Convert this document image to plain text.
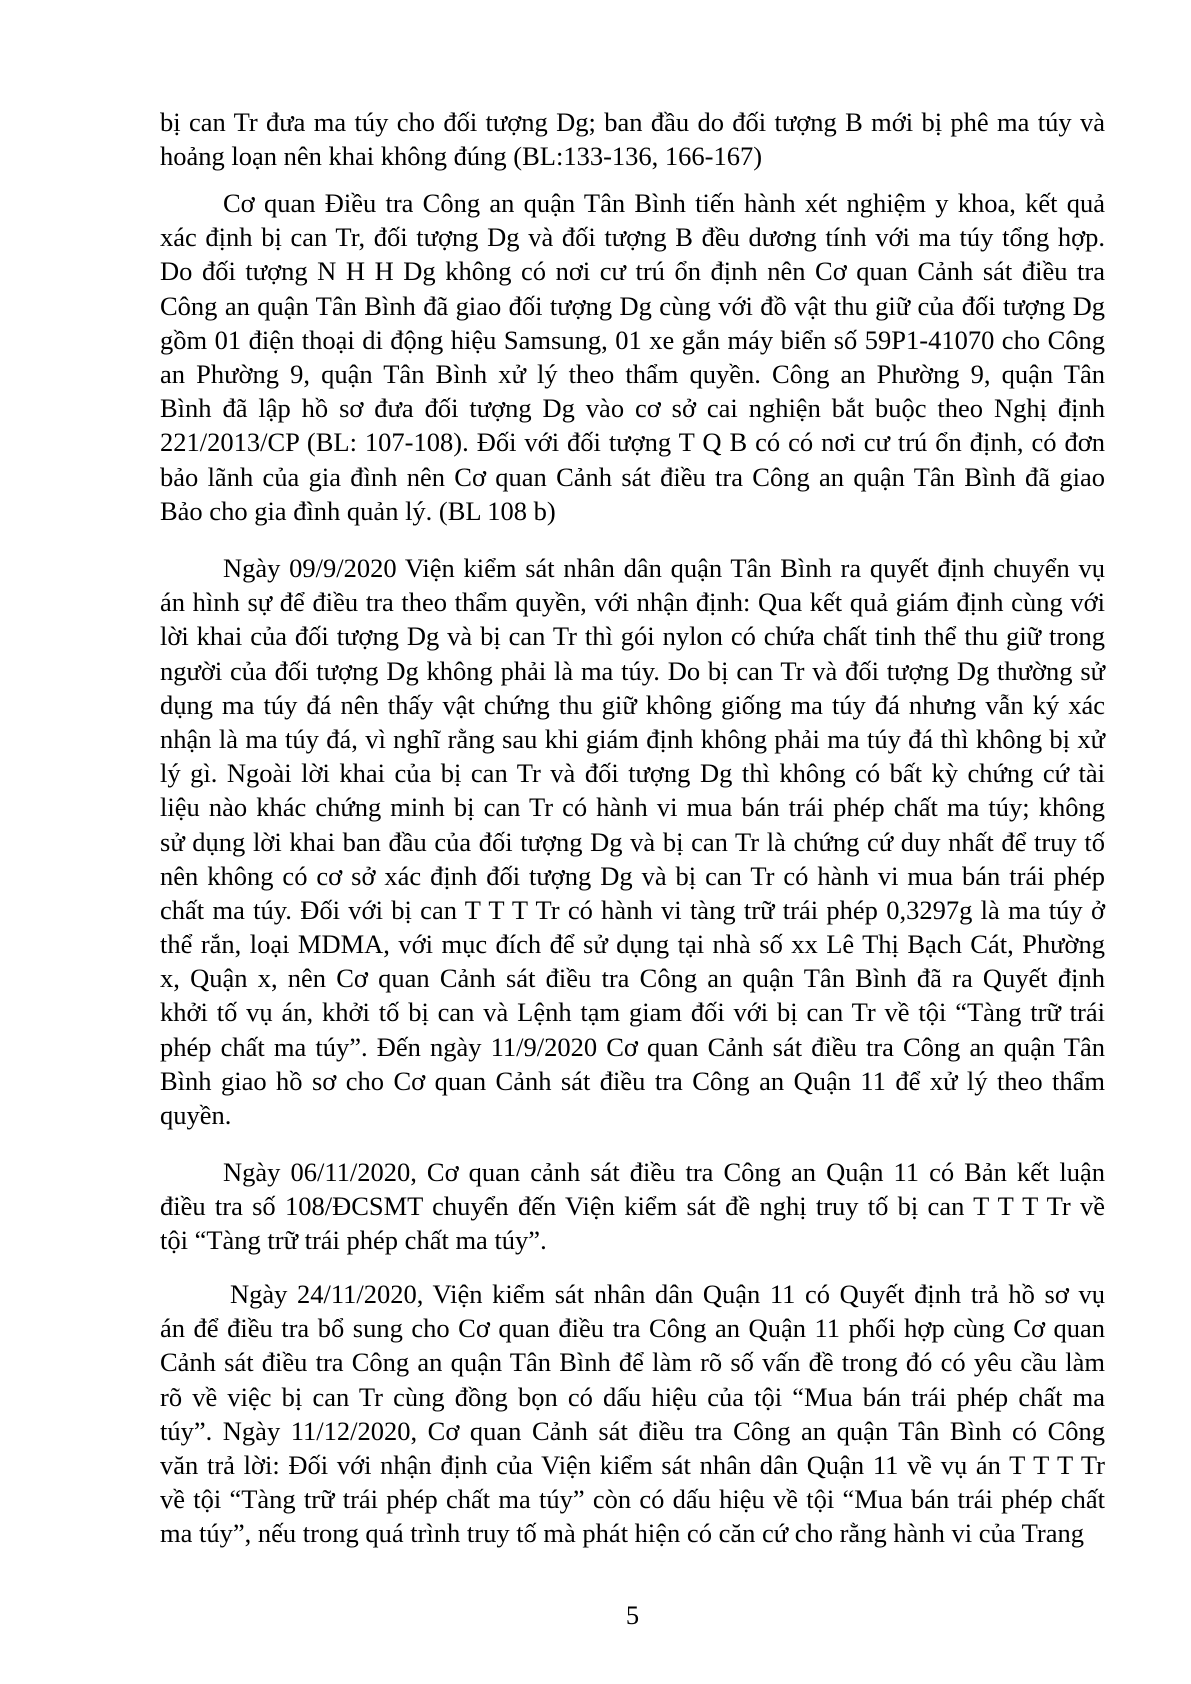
bị can Tr đưa ma túy cho đối tượng Dg; ban đầu do đối tượng B mới bị phê ma túy và
hoảng loạn nên khai không đúng (BL:133-136, 166-167)
Cơ quan Điều tra Công an quận Tân Bình tiến hành xét nghiệm y khoa, kết quả
xác định bị can Tr, đối tượng Dg và đối tượng B đều dương tính với ma túy tổng hợp.
Do đối tượng N H H Dg không có nơi cư trú ổn định nên Cơ quan Cảnh sát điều tra
Công an quận Tân Bình đã giao đối tượng Dg cùng với đồ vật thu giữ của đối tượng Dg
gồm 01 điện thoại di động hiệu Samsung, 01 xe gắn máy biển số 59P1-41070 cho Công
an Phường 9, quận Tân Bình xử lý theo thẩm quyền. Công an Phường 9, quận Tân
Bình đã lập hồ sơ đưa đối tượng Dg vào cơ sở cai nghiện bắt buộc theo Nghị định
221/2013/CP (BL: 107-108). Đối với đối tượng T Q B có có nơi cư trú ổn định, có đơn
bảo lãnh của gia đình nên Cơ quan Cảnh sát điều tra Công an quận Tân Bình đã giao
Bảo cho gia đình quản lý. (BL 108 b)
Ngày 09/9/2020 Viện kiểm sát nhân dân quận Tân Bình ra quyết định chuyển vụ
án hình sự để điều tra theo thẩm quyền, với nhận định: Qua kết quả giám định cùng với
lời khai của đối tượng Dg và bị can Tr thì gói nylon có chứa chất tinh thể thu giữ trong
người của đối tượng Dg không phải là ma túy. Do bị can Tr và đối tượng Dg thường sử
dụng ma túy đá nên thấy vật chứng thu giữ không giống ma túy đá nhưng vẫn ký xác
nhận là ma túy đá, vì nghĩ rằng sau khi giám định không phải ma túy đá thì không bị xử
lý gì. Ngoài lời khai của bị can Tr và đối tượng Dg thì không có bất kỳ chứng cứ tài
liệu nào khác chứng minh bị can Tr có hành vi mua bán trái phép chất ma túy; không
sử dụng lời khai ban đầu của đối tượng Dg và bị can Tr là chứng cứ duy nhất để truy tố
nên không có cơ sở xác định đối tượng Dg và bị can Tr có hành vi mua bán trái phép
chất ma túy. Đối với bị can T T T Tr có hành vi tàng trữ trái phép 0,3297g là ma túy ở
thể rắn, loại MDMA, với mục đích để sử dụng tại nhà số xx Lê Thị Bạch Cát, Phường
x, Quận x, nên Cơ quan Cảnh sát điều tra Công an quận Tân Bình đã ra Quyết định
khởi tố vụ án, khởi tố bị can và Lệnh tạm giam đối với bị can Tr về tội “Tàng trữ trái
phép chất ma túy”. Đến ngày 11/9/2020 Cơ quan Cảnh sát điều tra Công an quận Tân
Bình giao hồ sơ cho Cơ quan Cảnh sát điều tra Công an Quận 11 để xử lý theo thẩm
quyền.
Ngày 06/11/2020, Cơ quan cảnh sát điều tra Công an Quận 11 có Bản kết luận
điều tra số 108/ĐCSMT chuyển đến Viện kiểm sát đề nghị truy tố bị can T T T Tr về
tội “Tàng trữ trái phép chất ma túy”.
Ngày 24/11/2020, Viện kiểm sát nhân dân Quận 11 có Quyết định trả hồ sơ vụ
án để điều tra bổ sung cho Cơ quan điều tra Công an Quận 11 phối hợp cùng Cơ quan
Cảnh sát điều tra Công an quận Tân Bình để làm rõ số vấn đề trong đó có yêu cầu làm
rõ về việc bị can Tr cùng đồng bọn có dấu hiệu của tội “Mua bán trái phép chất ma
túy”. Ngày 11/12/2020, Cơ quan Cảnh sát điều tra Công an quận Tân Bình có Công
văn trả lời: Đối với nhận định của Viện kiểm sát nhân dân Quận 11 về vụ án T T T Tr
về tội “Tàng trữ trái phép chất ma túy” còn có dấu hiệu về tội “Mua bán trái phép chất
ma túy”, nếu trong quá trình truy tố mà phát hiện có căn cứ cho rằng hành vi của Trang
5
